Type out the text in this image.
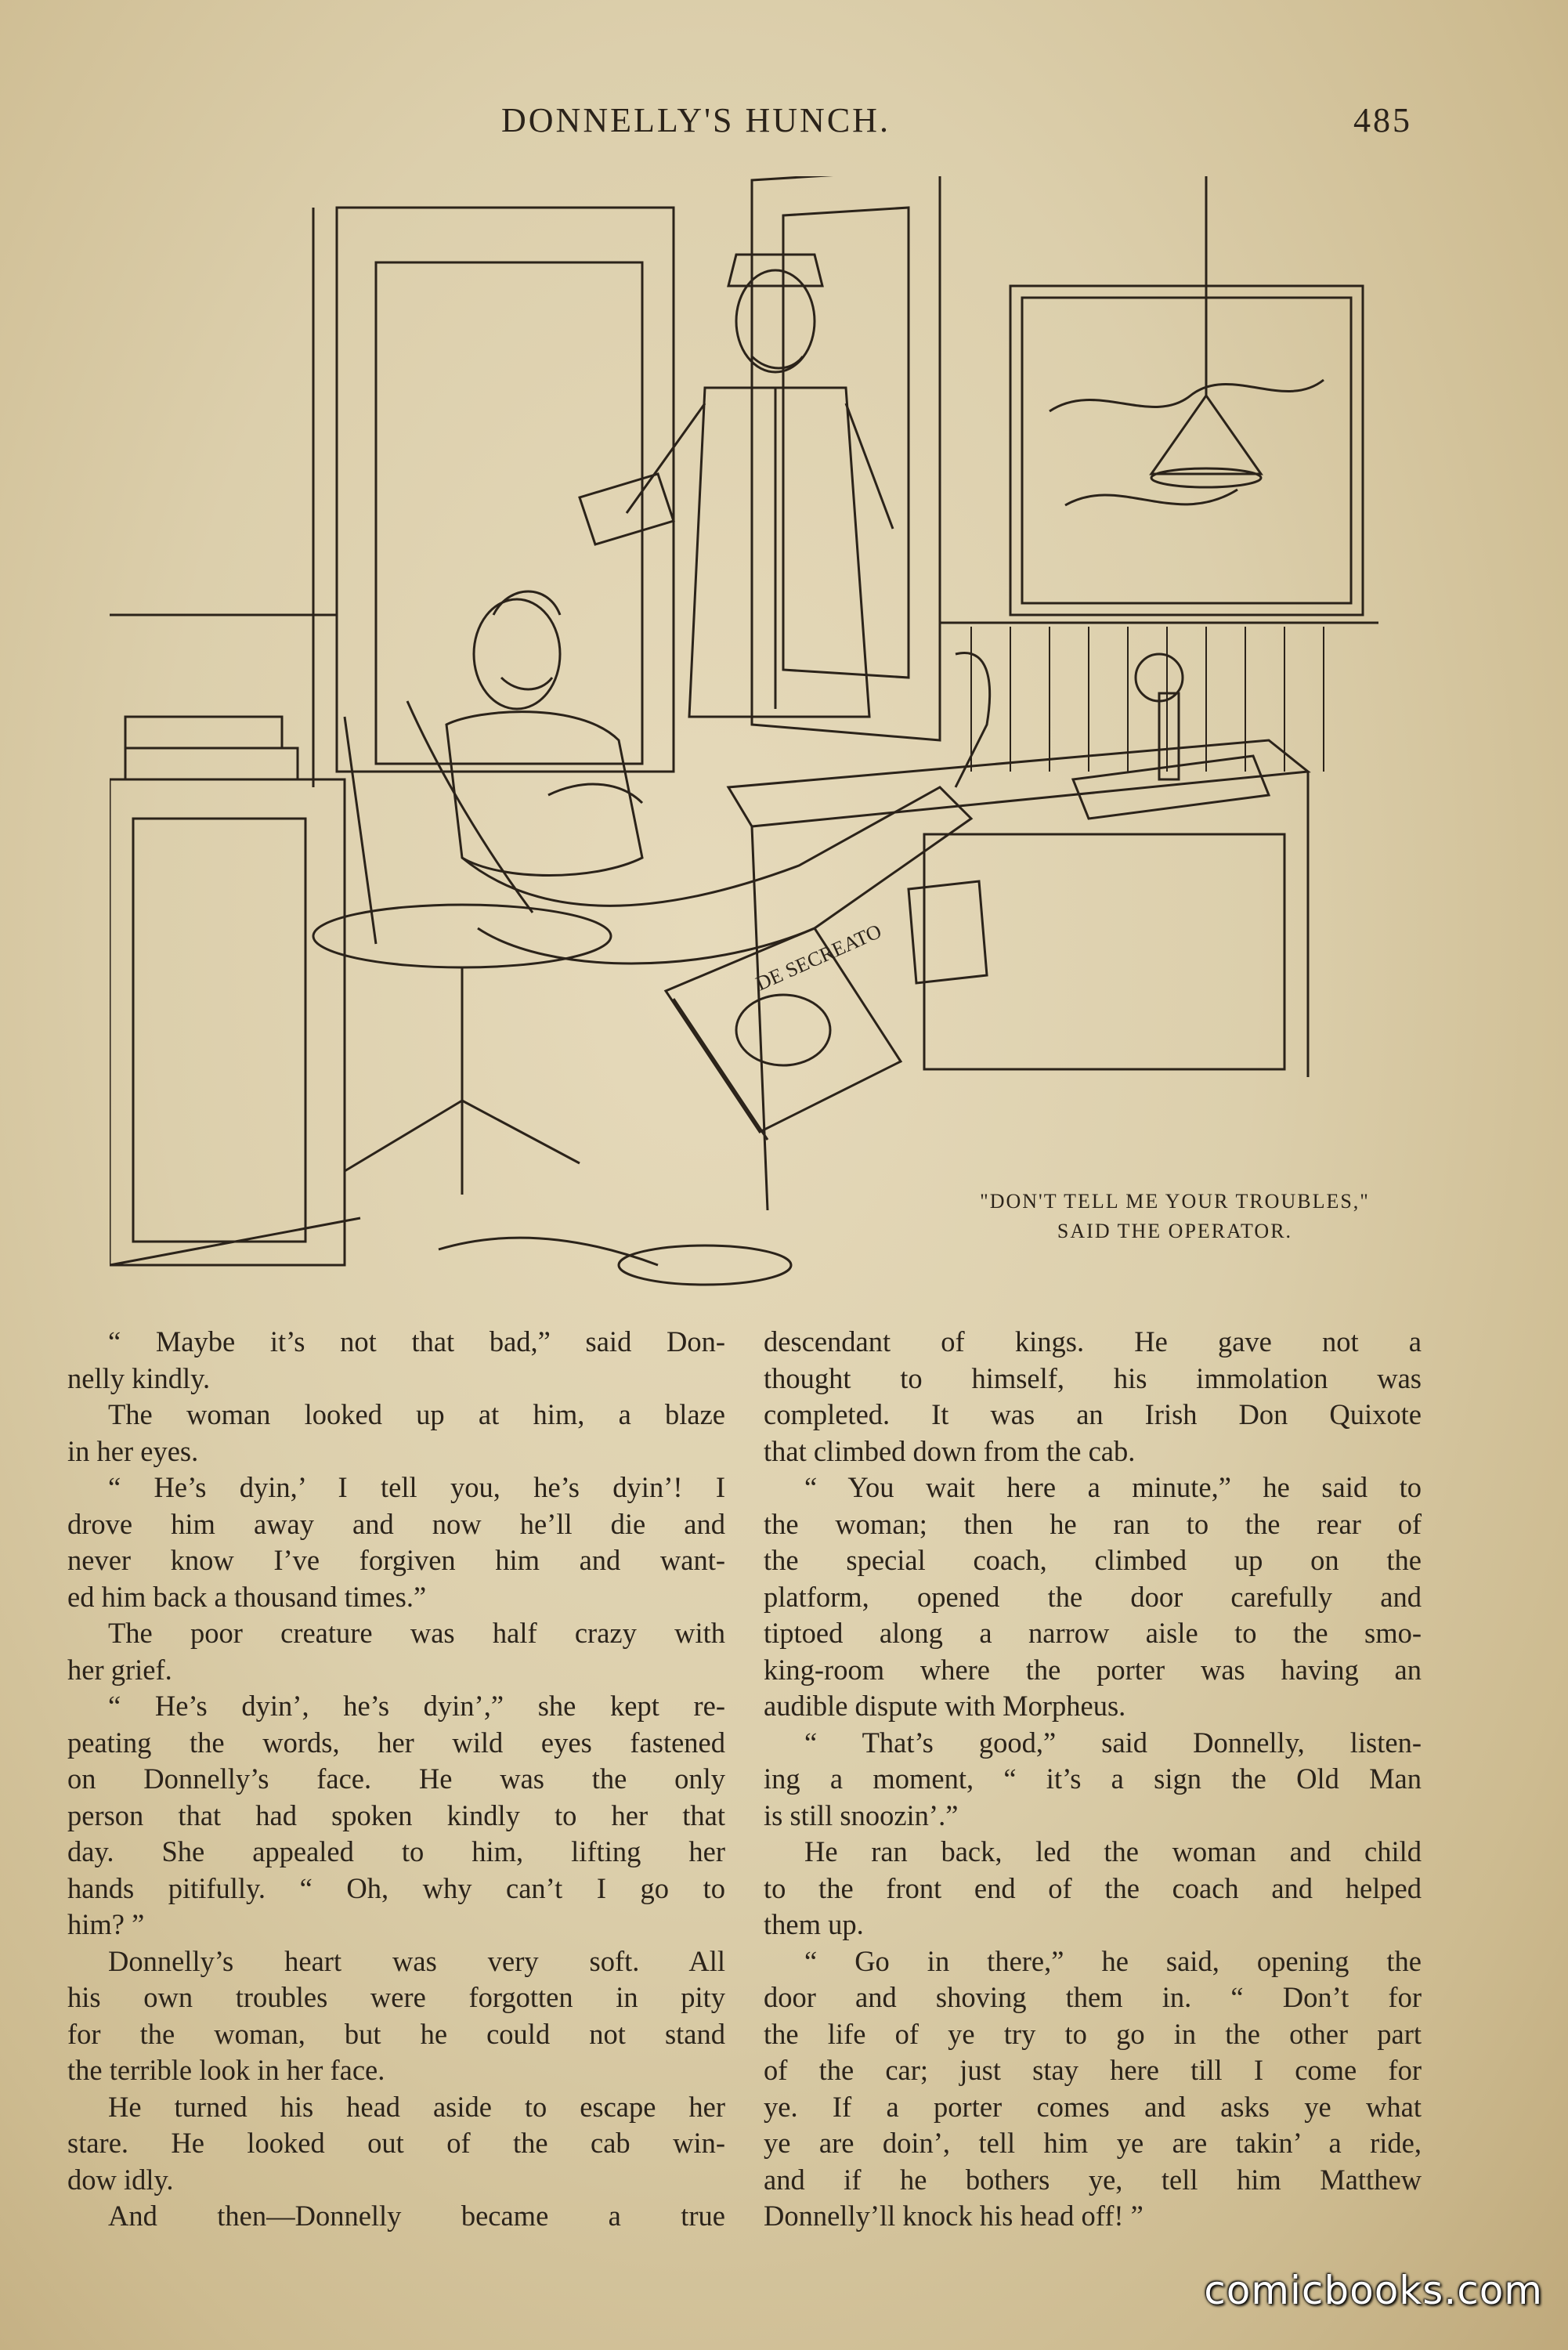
DONNELLY'S HUNCH.	485
DE SECREATO
"DON'T TELL ME YOUR TROUBLES,"
SAID THE OPERATOR.
“ Maybe it’s not that bad,” said Don-
nelly kindly.
The woman looked up at him, a blaze
in her eyes.
“ He’s dyin,’ I tell you, he’s dyin’! I
drove him away and now he’ll die and
never know I’ve forgiven him and want-
ed him back a thousand times.”
The poor creature was half crazy with
her grief.
“ He’s dyin’, he’s dyin’,” she kept re-
peating the words, her wild eyes fastened
on Donnelly’s face. He was the only
person that had spoken kindly to her that
day. She appealed to him, lifting her
hands pitifully. “ Oh, why can’t I go to
him? ”
Donnelly’s heart was very soft. All
his own troubles were forgotten in pity
for the woman, but he could not stand
the terrible look in her face.
He turned his head aside to escape her
stare. He looked out of the cab win-
dow idly.
And then—Donnelly became a true
descendant of kings. He gave not a
thought to himself, his immolation was
completed. It was an Irish Don Quixote
that climbed down from the cab.
“ You wait here a minute,” he said to
the woman; then he ran to the rear of
the special coach, climbed up on the
platform, opened the door carefully and
tiptoed along a narrow aisle to the smo-
king-room where the porter was having an
audible dispute with Morpheus.
“ That’s good,” said Donnelly, listen-
ing a moment, “ it’s a sign the Old Man
is still snoozin’.”
He ran back, led the woman and child
to the front end of the coach and helped
them up.
“ Go in there,” he said, opening the
door and shoving them in. “ Don’t for
the life of ye try to go in the other part
of the car; just stay here till I come for
ye. If a porter comes and asks ye what
ye are doin’, tell him ye are takin’ a ride,
and if he bothers ye, tell him Matthew
Donnelly’ll knock his head off! ”
comicbooks.com
